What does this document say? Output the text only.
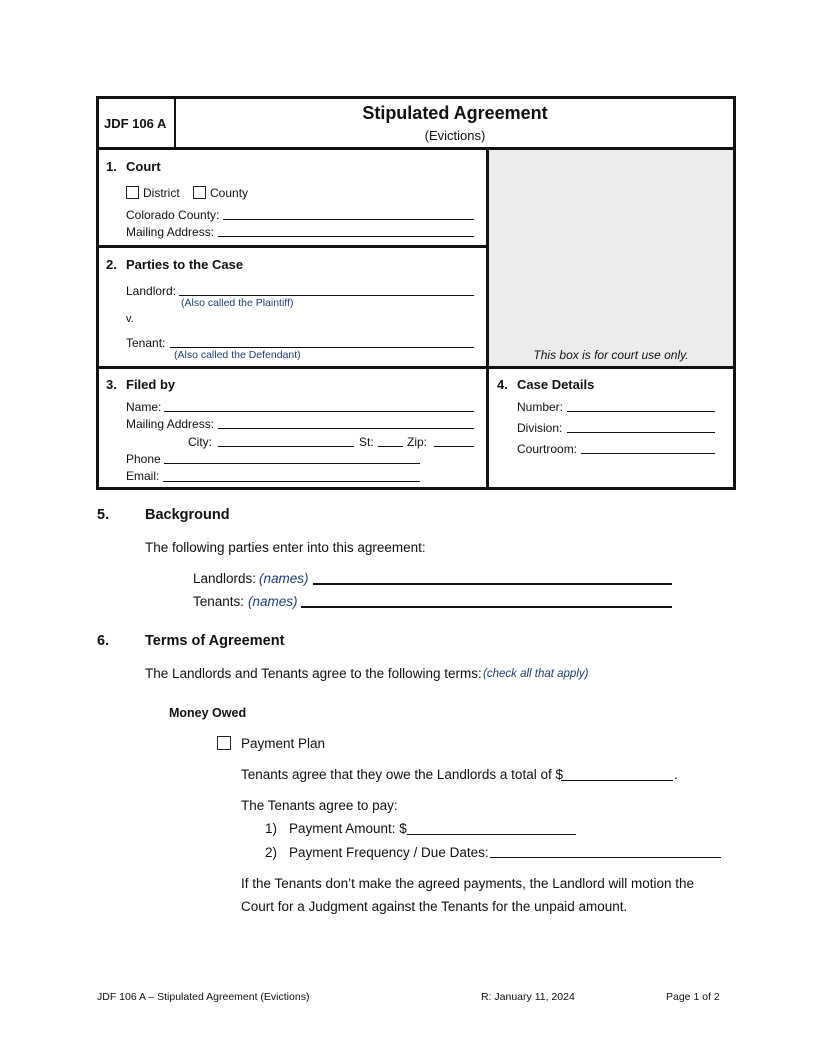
JDF 106 A
Stipulated Agreement
(Evictions)
1. Court
District	County
Colorado County:
Mailing Address:
2. Parties to the Case
Landlord:
(Also called the Plaintiff)
v.
Tenant:
(Also called the Defendant)	This box is for court use only.
3. Filed by
Name:
Mailing Address:
City:	St:	Zip:
Phone
Email:
4. Case Details
Number:
Division:
Courtroom:
5. Background
The following parties enter into this agreement:
Landlords: (names)
Tenants: (names)
6. Terms of Agreement
The Landlords and Tenants agree to the following terms: (check all that apply)
Money Owed
Payment Plan
Tenants agree that they owe the Landlords a total of $	.
The Tenants agree to pay:
1) Payment Amount: $
2) Payment Frequency / Due Dates:
If the Tenants don’t make the agreed payments, the Landlord will motion the
Court for a Judgment against the Tenants for the unpaid amount.
JDF 106 A – Stipulated Agreement (Evictions)	R: January 11, 2024	Page 1 of 2
